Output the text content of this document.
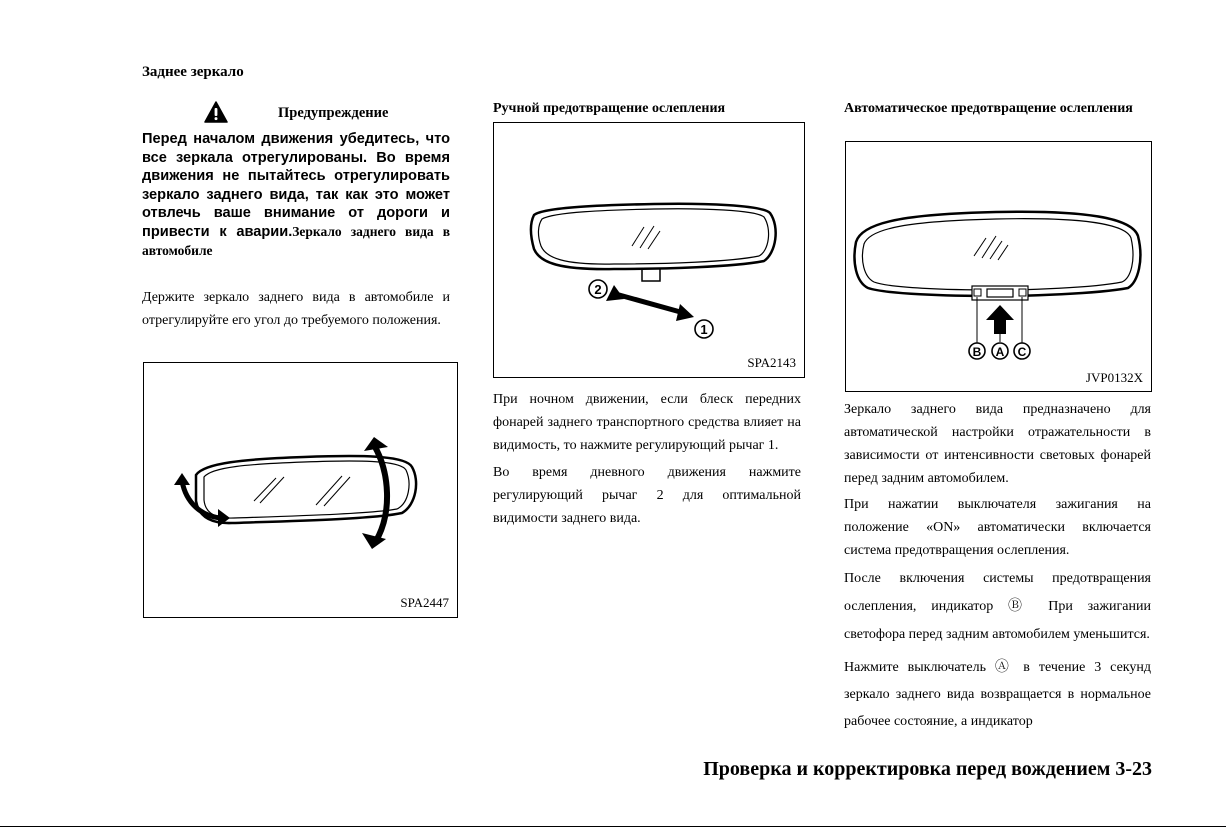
Заднее зеркало
Предупреждение
Перед началом движения убедитесь, что все зеркала отрегулированы. Во время движения не пытайтесь отрегулировать зеркало заднего вида, так как это может отвлечь ваше внимание от дороги и привести к аварии.Зеркало заднего вида в автомобиле
Держите зеркало заднего вида в автомобиле и отрегулируйте его угол до требуемого положения.
SPA2447
Ручной предотвращение ослепления
2
1
SPA2143
При ночном движении, если блеск передних фонарей заднего транспортного средства влияет на видимость, то нажмите регулирующий рычаг 1.
Во время дневного движения нажмите регулирующий рычаг 2 для оптимальной видимости заднего вида.
Автоматическое предотвращение ослепления
B A C
JVP0132X
Зеркало заднего вида предназначено для автоматической настройки отражательности в зависимости от интенсивности световых фонарей перед задним автомобилем.
При нажатии выключателя зажигания на положение «ON» автоматически включается система предотвращения ослепления.
После включения системы предотвращения ослепления, индикатор Ⓑ При зажигании светофора перед задним автомобилем уменьшится.
Нажмите выключатель Ⓐ в течение 3 секунд зеркало заднего вида возвращается в нормальное рабочее состояние, а индикатор
Проверка и корректировка перед вождением 3-23
